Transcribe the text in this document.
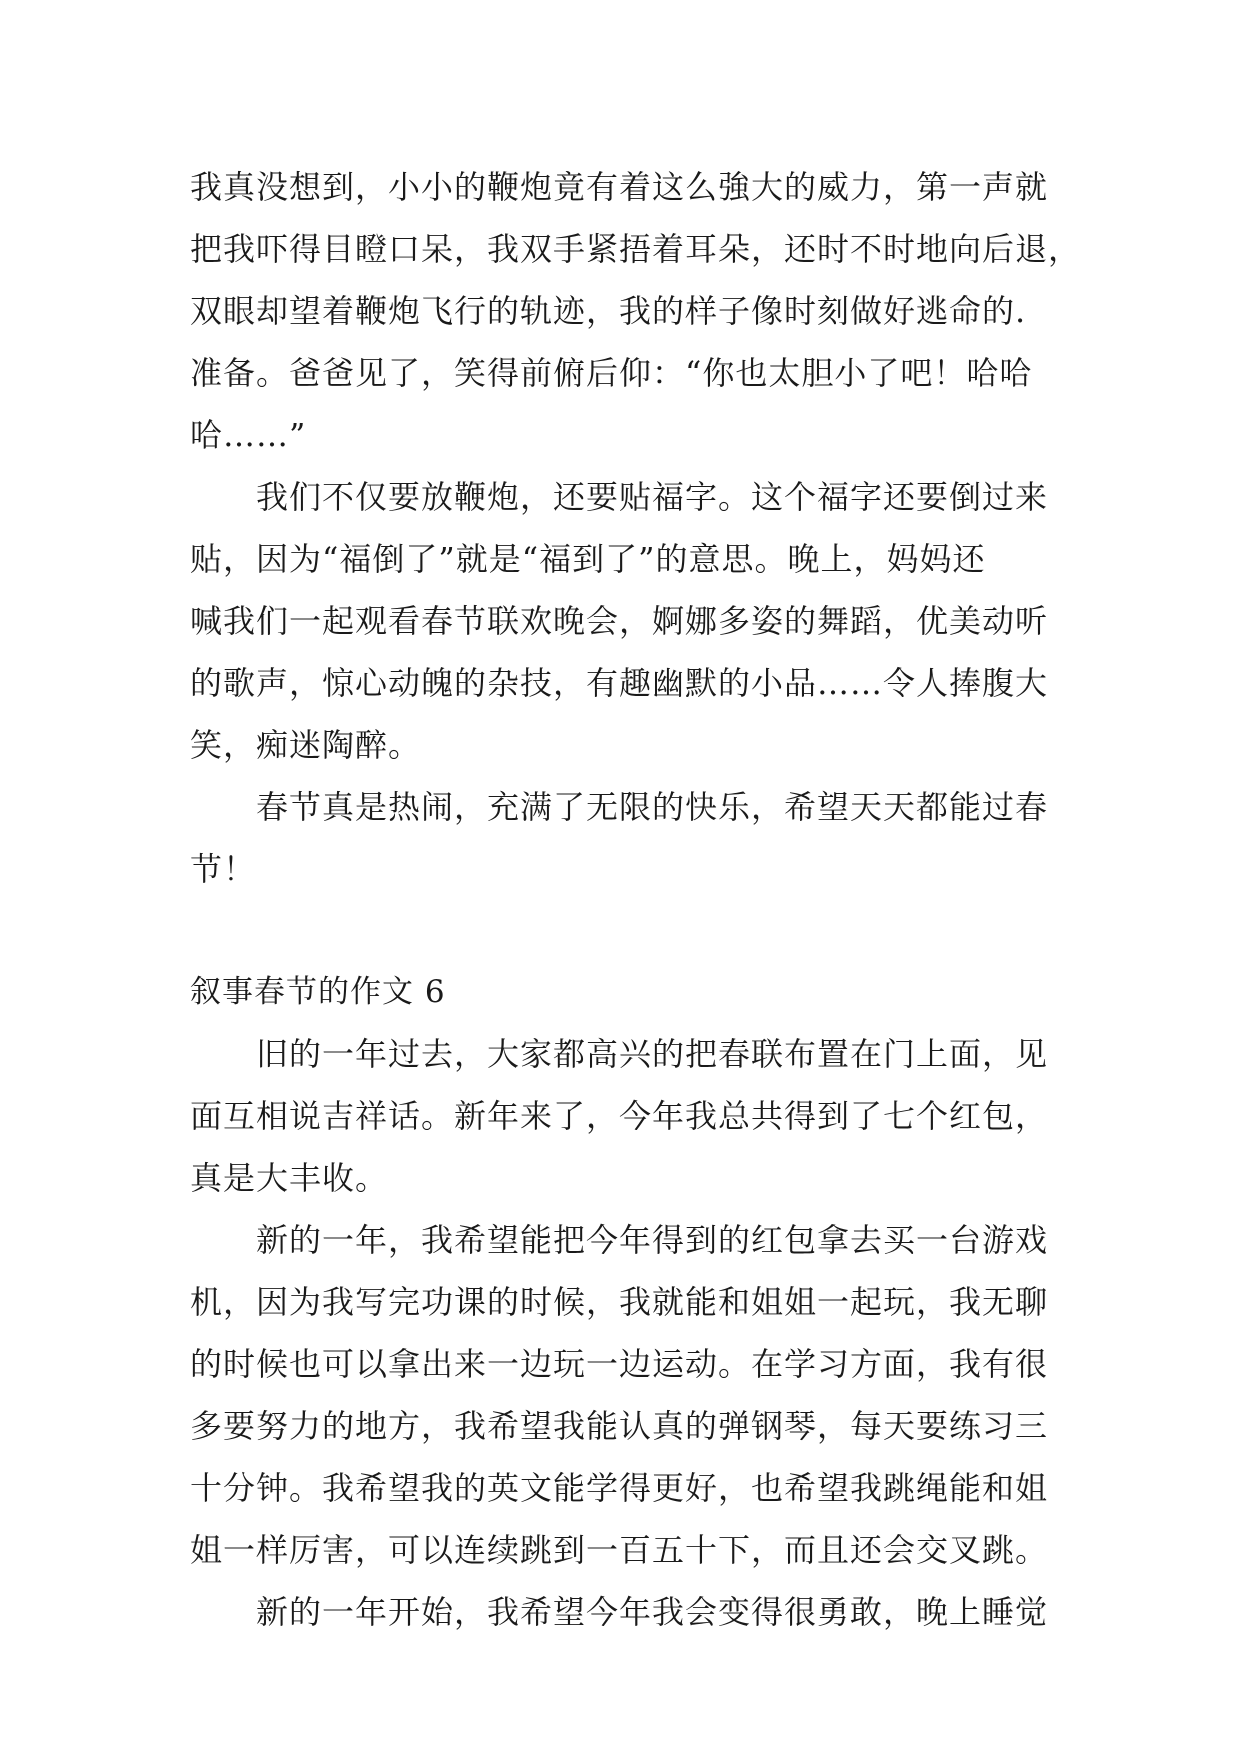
我真没想到，小小的鞭炮竟有着这么強大的威力，第一声就
把我吓得目瞪口呆，我双手紧捂着耳朵，还时不时地向后退，
双眼却望着鞭炮飞行的轨迹，我的样子像时刻做好逃命的.
准备。爸爸见了，笑得前俯后仰：“你也太胆小了吧！哈哈
哈……”
我们不仅要放鞭炮，还要贴福字。这个福字还要倒过来
贴，因为“福倒了”就是“福到了”的意思。晚上，妈妈还
喊我们一起观看春节联欢晚会，婀娜多姿的舞蹈，优美动听
的歌声，惊心动魄的杂技，有趣幽默的小品……令人捧腹大
笑，痴迷陶醉。
春节真是热闹，充满了无限的快乐，希望天天都能过春
节！
叙事春节的作文 6
旧的一年过去，大家都高兴的把春联布置在门上面，见
面互相说吉祥话。新年来了，今年我总共得到了七个红包，
真是大丰收。
新的一年，我希望能把今年得到的红包拿去买一台游戏
机，因为我写完功课的时候，我就能和姐姐一起玩，我无聊
的时候也可以拿出来一边玩一边运动。在学习方面，我有很
多要努力的地方，我希望我能认真的弹钢琴，每天要练习三
十分钟。我希望我的英文能学得更好，也希望我跳绳能和姐
姐一样厉害，可以连续跳到一百五十下，而且还会交叉跳。
新的一年开始，我希望今年我会变得很勇敢，晚上睡觉
